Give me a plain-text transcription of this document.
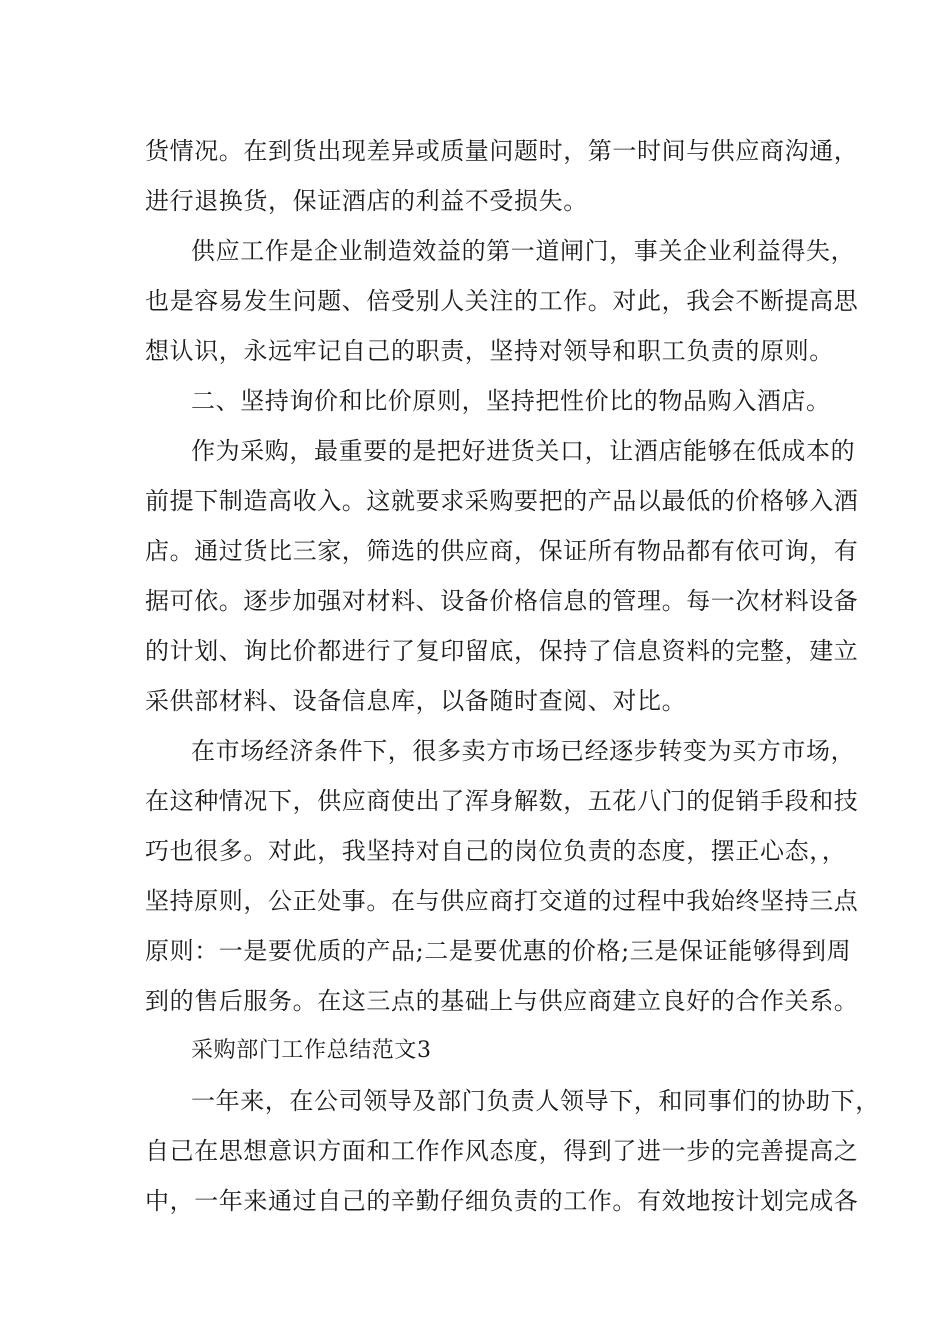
货情况。在到货出现差异或质量问题时，第一时间与供应商沟通，
进行退换货，保证酒店的利益不受损失。
供应工作是企业制造效益的第一道闸门，事关企业利益得失，
也是容易发生问题、倍受别人关注的工作。对此，我会不断提高思
想认识，永远牢记自己的职责，坚持对领导和职工负责的原则。
二、坚持询价和比价原则，坚持把性价比的物品购入酒店。
作为采购，最重要的是把好进货关口，让酒店能够在低成本的
前提下制造高收入。这就要求采购要把的产品以最低的价格够入酒
店。通过货比三家，筛选的供应商，保证所有物品都有依可询，有
据可依。逐步加强对材料、设备价格信息的管理。每一次材料设备
的计划、询比价都进行了复印留底，保持了信息资料的完整，建立
采供部材料、设备信息库，以备随时查阅、对比。
在市场经济条件下，很多卖方市场已经逐步转变为买方市场，
在这种情况下，供应商使出了浑身解数，五花八门的促销手段和技
巧也很多。对此，我坚持对自己的岗位负责的态度，摆正心态，，
坚持原则，公正处事。在与供应商打交道的过程中我始终坚持三点
原则：一是要优质的产品;二是要优惠的价格;三是保证能够得到周
到的售后服务。在这三点的基础上与供应商建立良好的合作关系。
采购部门工作总结范文3
一年来，在公司领导及部门负责人领导下，和同事们的协助下，
自己在思想意识方面和工作作风态度，得到了进一步的完善提高之
中，一年来通过自己的辛勤仔细负责的工作。有效地按计划完成各
